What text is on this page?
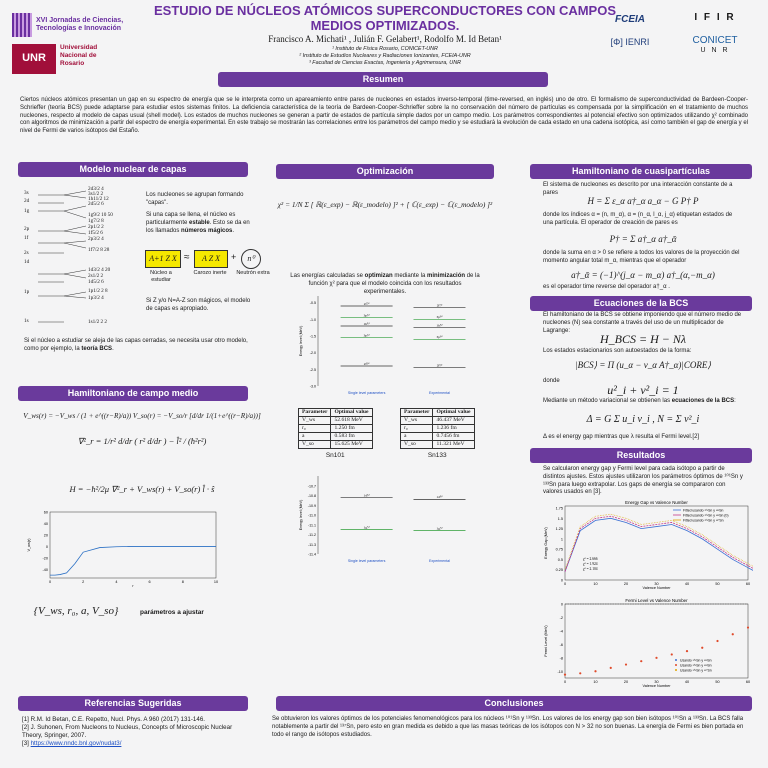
XVI Jornadas de Ciencias, Tecnologías e Innovación
UNR
Universidad Nacional de Rosario
ESTUDIO DE NÚCLEOS ATÓMICOS SUPERCONDUCTORES CON CAMPOS
MEDIOS OPTIMIZADOS.
Francisco A. Michati¹ , Julián F. Gelabert¹, Rodolfo M. Id Betan¹
¹ Instituto de Física Rosario, CONICET-UNR
² Instituto de Estudios Nucleares y Radiaciones Ionizantes, FCEIA-UNR
³ Facultad de Ciencias Exactas, Ingeniería y Agrimensura, UNR
FCEIA
[Φ] IENRI
I F I R
CONICET
U N R
Resumen
Ciertos núcleos atómicos presentan un gap en su espectro de energía que se le interpreta como un apareamiento entre pares de nucleones en estados inverso-temporal (time-reversed, en inglés) uno de otro. El formalismo de superconductividad de Bardeen-Cooper-Schrieffer (teoría BCS) puede adaptarse para estudiar estos sistemas finitos. La deficiencia característica de la teoría de Bardeen-Cooper-Schrieffer sobre la no conservación del número de partículas es compensada por la simplificación en el tratamiento de muchos nucleones, respecto al modelo de capas usual (shell model). Los estados de muchos nucleones se generan a partir de estados de partícula simple dados por un campo medio. Los parámetros correspondientes al potencial efectivo son optimizados utilizando χ² combinado con algoritmos de minimización a partir del espectro de energía experimental. En este trabajo se mostrarán las correlaciones entre los parámetros del campo medio y se estudiará la evolución de cada estado en una cadena isotópica, así como también el gap de energía y el nivel de Fermi de varios isótopos del Estaño.
Modelo nuclear de capas
3s
2d
1g
2p
1f
2s
1d
1p
1s
2d3/2 4
3s1/2 2
1h11/2 12
2d5/2 6
1g9/2 10 50
1g7/2 8
2p1/2 2
1f5/2 6
2p3/2 4
1f7/2 8 28
1d3/2 4 20
2s1/2 2
1d5/2 6
1p1/2 2 8
1p3/2 4
1s1/2 2 2
Los nucleones se agrupan formando "capas".
Si una capa se llena, el núcleo es particularmente estable. Esto se da en los llamados números mágicos.
A+1 Z X ≈	A Z X	+ n⁰
Núcleo a estudiar
Carozo inerte	Neutrón extra
Si Z y/o N=A-Z son mágicos, el modelo de capas es apropiado.
Si el núcleo a estudiar se aleja de las capas cerradas, se necesita usar otro modelo, como por ejemplo, la teoría BCS.
Hamiltoniano de campo medio
V_ws(r) = −V_ws / (1 + e^((r−R)/a)) V_so(r) = −V_so/r [d/dr 1/(1+e^((r−R)/a))]
∇²_r = 1/r² d/dr ( r² d/dr ) − l̂² / (ħ²r²)
H = −ħ²/2μ ∇²_r + V_ws(r) + V_so(r) l̂ · ŝ
60
40
20
0
-20
-40
0	2	4	6	8	10
r
V_ws(r)
{V_ws, r₀, a, V_so}	parámetros a ajustar
Optimización
χ² = 1/N Σ [ ℝ(ε_exp) − ℝ(ε_modelo) ]² + [ ℂ(ε_exp) − ℂ(ε_modelo) ]²
Las energías calculadas se optimizan mediante la minimización de la función χ² para que el modelo coincida con los resultados experimentales.
-0.5
-1.0
-1.5
-2.0
-2.5
-3.0
Energy level (MeV)
2f⁷⁄²
3p³⁄²
1h⁹⁄²
3p¹⁄²
2f⁵⁄²
2f⁷⁄²
3p³⁄²
1h⁹⁄²
3p¹⁄²
2f⁵⁄²
Single level parameters	Experimental
Parameter	Optimal value
V_ws	52.618 MeV
r₀	1.250 fm
a	0.583 fm
V_so	15.625 MeV
Sn101
Parameter	Optimal value
V_ws	46.437 MeV
r₀	1.236 fm
a	0.7456 fm
V_so	11.321 MeV
Sn133
-10.7
-10.8
-10.9
-11.0
-11.1
-11.2
-11.3
-11.4
Energy level (MeV)
1d⁵⁄²
1g⁷⁄²
1d⁵⁄²
1g⁷⁄²
Single level parameters	Experimental
Hamiltoniano de cuasipartículas
El sistema de nucleones es descrito por una interacción constante de a pares
H = Σ ε_α a†_α a_α − G P† P
donde los índices α = (n, m_α), α = (n_α, l_α, j_α) etiquetan estados de una partícula. El operador de creación de pares es
P† = Σ a†_α a†_ᾱ
donde la suma en α > 0 se refiere a todos los valores de la proyección del momento angular total m_α, mientras que el operador
a†_ᾱ = (−1)^(j_α − m_α) a†_(α,−m_α)
es el operador time reverse del operador a†_α .
Ecuaciones de la BCS
El hamiltoniano de la BCS se obtiene imponiendo que el número medio de nucleones (N) sea constante a través del uso de un multiplicador de Lagrange:
H_BCS = H − Nλ
Los estados estacionarios son autoestados de la forma:
|BCS⟩ = Π (u_α − v_α A†_α)|CORE⟩
donde
u²_i + v²_i = 1
Mediante un método variacional se obtienen las ecuaciones de la BCS:
Δ = G Σ u_i v_i , N = Σ v²_i
Δ es el energy gap mientras que λ resulta el Fermi level.[2]
Resultados
Se calcularon energy gap y Fermi level para cada isótopo a partir de distintos ajustes. Estos ajustes utilizaron los parámetros óptimos de ¹⁰¹Sn y ¹³³Sn para luego extrapolar. Los gaps de energía se compararon con valores usados en [3].
1.75
1.5
1.25
1
0.75
0.5
0.25
0
0	10	20	30	40	50	60
Energy Gap vs Valence Number
Valence Number
Energy Gap (MeV)
Fitted usando ¹⁰¹Sn y ¹³³Sn
χ² = 2.666
Fitted usando ¹⁰¹Sn y ¹³³Sn (b)
χ² = 1.924
Fitted usando ¹⁰¹Sn y ¹³⁷Sn
χ² = 2.104
0
-2
-4
-6
-8
-10
0	10	20	30	40	50	60
Fermi Level vs Valence Number
Valence Number
Fermi Level (MeV)
Usando ¹⁰¹Sn y ¹³³Sn
Usando ¹⁰¹Sn y ¹³³Sn
Usando ¹⁰¹Sn y ¹³⁷Sn
Referencias Sugeridas
[1] R.M. Id Betan, C.E. Repetto, Nucl. Phys. A 960 (2017) 131-146.
[2] J. Suhonen, From Nucleons to Nucleus, Concepts of Microscopic Nuclear Theory, Springer, 2007.
[3] https://www.nndc.bnl.gov/nudat3/
Conclusiones
Se obtuvieron los valores óptimos de los potenciales fenomenológicos para los núcleos ¹⁰¹Sn y ¹³³Sn. Los valores de los energy gap son bien isótopos ¹⁰¹Sn a ¹³³Sn. La BCS falla notablemente a partir del ¹³⁷Sn, pero esto en gran medida es debido a que las masas teóricas de los isótopos con N > 32 no son buenas. La energía de Fermi es bien portada en todo el rango de isótopos estudiados.
